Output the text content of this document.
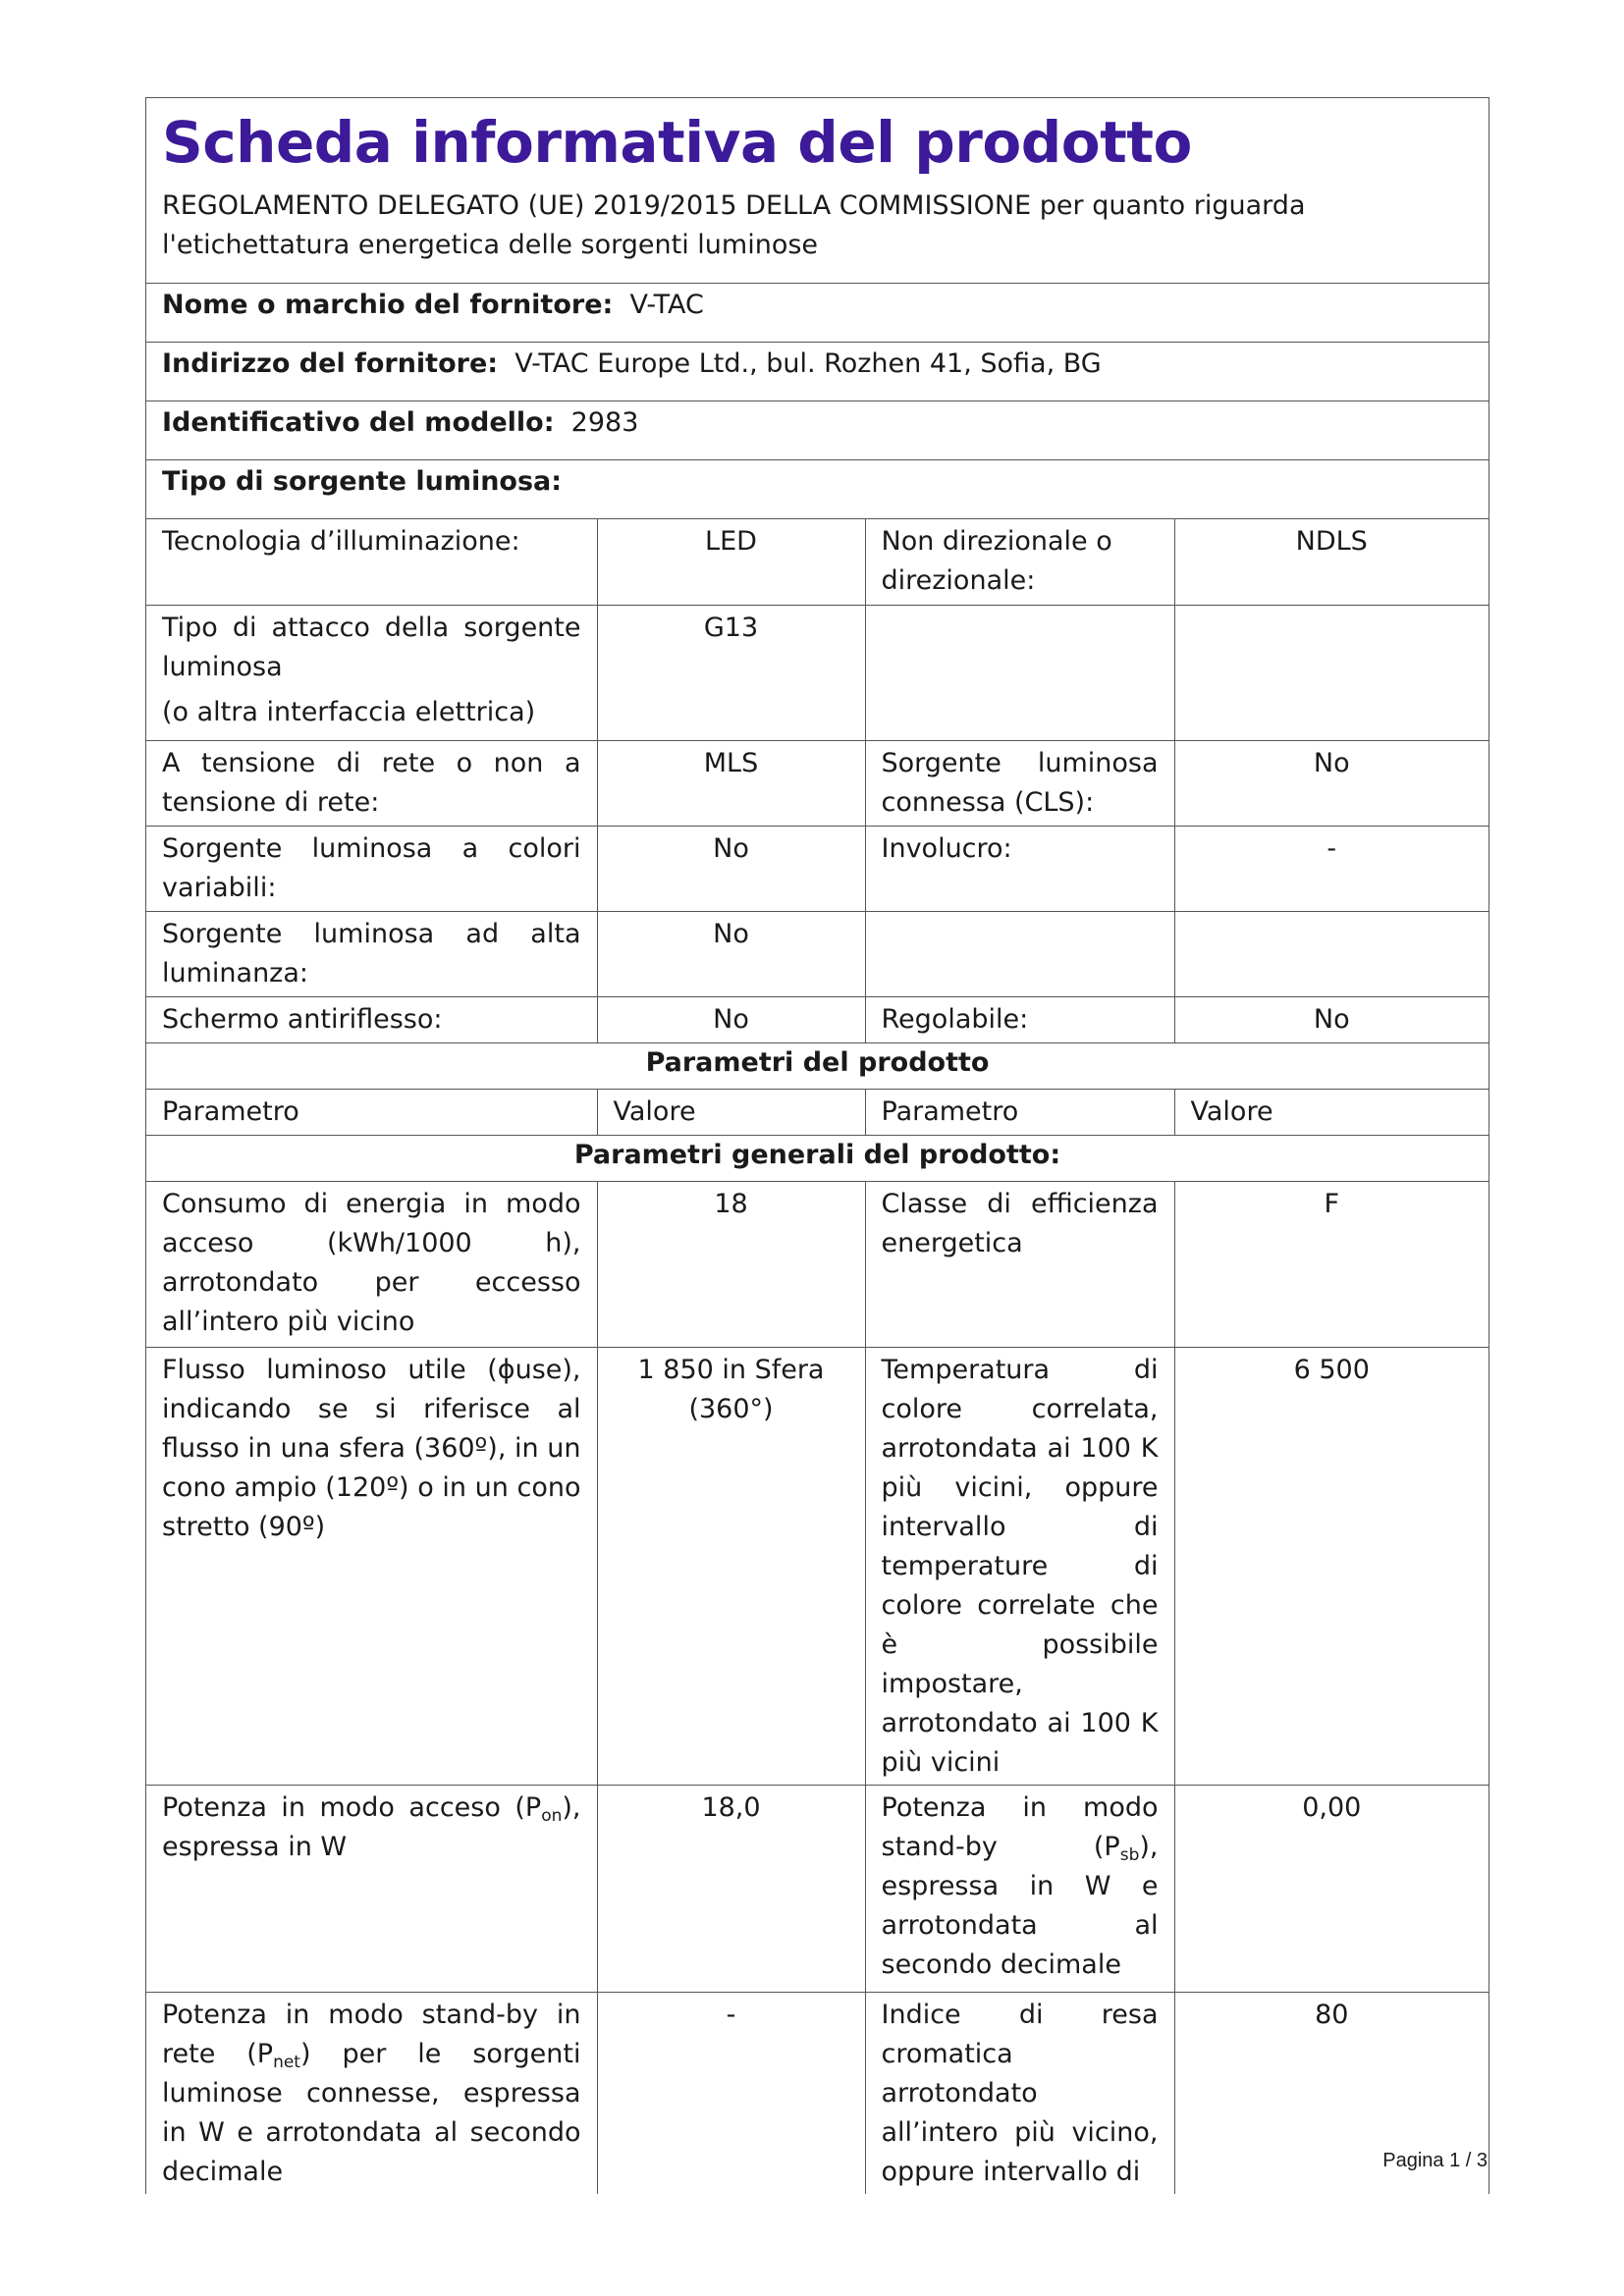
Scheda informativa del prodotto
REGOLAMENTO DELEGATO (UE) 2019/2015 DELLA COMMISSIONE per quanto riguarda l'etichettatura energetica delle sorgenti luminose
Nome o marchio del fornitore: V-TAC
Indirizzo del fornitore: V-TAC Europe Ltd., bul. Rozhen 41, Sofia, BG
Identificativo del modello: 2983
Tipo di sorgente luminosa:
Tecnologia d’illuminazione:	LED	Non direzionale o direzionale:	NDLS

Tipo di attacco della sorgente luminosa
(o altra interfaccia elettrica)	G13		
A tensione di rete o non a tensione di rete:	MLS	Sorgente luminosa connessa (CLS):	No
Sorgente luminosa a colori variabili:	No	Involucro:	-
Sorgente luminosa ad alta luminanza:	No		
Schermo antiriflesso:	No	Regolabile:	No
Parametri del prodotto			
Parametro	Valore	Parametro	Valore
Parametri generali del prodotto:			
Consumo di energia in modo acceso (kWh/1000 h), arrotondato per eccesso all’intero più vicino	18	Classe di efficienza energetica	F
Flusso luminoso utile (ɸuse), indicando se si riferisce al flusso in una sfera (360º), in un cono ampio (120º) o in un cono stretto (90º)	1 850 in Sfera (360°)	Temperatura di colore correlata, arrotondata ai 100 K più vicini, oppure intervallo di temperature di colore correlate che è possibile impostare, arrotondato ai 100 K più vicini	6 500
Potenza in modo acceso $(P_{on})$, espressa in W	18,0	Potenza in modo stand-by $(P_{sb})$, espressa in W e arrotondata al secondo decimale	0,00
Potenza in modo stand-by in rete $(P_{net})$ per le sorgenti luminose connesse, espressa in W e arrotondata al secondo decimale	-	Indice di resa cromatica arrotondato all’intero più vicino, oppure intervallo di	80
Pagina 1 / 3
